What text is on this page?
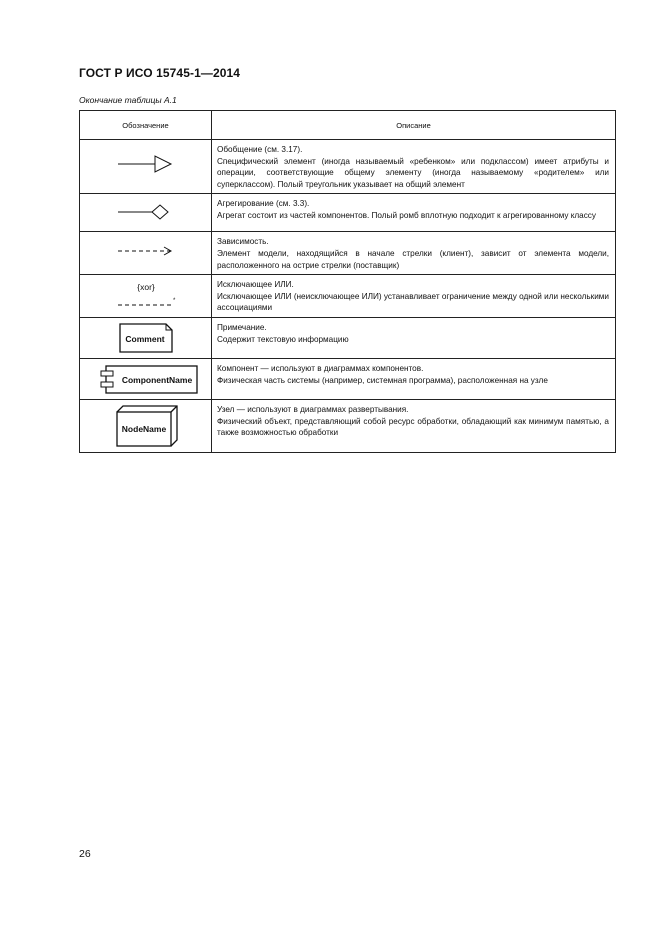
ГОСТ Р ИСО 15745-1—2014
Окончание таблицы А.1
Обозначение	Описание

Обобщение (см. 3.17).
Специфический элемент (иногда называемый «ребенком» или подклассом) имеет атрибуты и операции, соответствующие общему элементу (иногда называемому «родителем» или суперклассом). Полый треугольник указывает на общий элемент

Агрегирование (см. 3.3).
Агрегат состоит из частей компонентов. Полый ромб вплотную подходит к агрегированному классу

Зависимость.
Элемент модели, находящийся в начале стрелки (клиент), зависит от элемента модели, расположенного на острие стрелки (поставщик)

{xor}
*	Исключающее ИЛИ.
Исключающее ИЛИ (неисключающее ИЛИ) устанавливает ограничение между одной или несколькими ассоциациями

Comment	Примечание.
Содержит текстовую информацию

ComponentName	Компонент — используют в диаграммах компонентов.
Физическая часть системы (например, системная программа), расположенная на узле

NodeName	Узел — используют в диаграммах развертывания.
Физический объект, представляющий собой ресурс обработки, обладающий как минимум памятью, а также возможностью обработки
26
